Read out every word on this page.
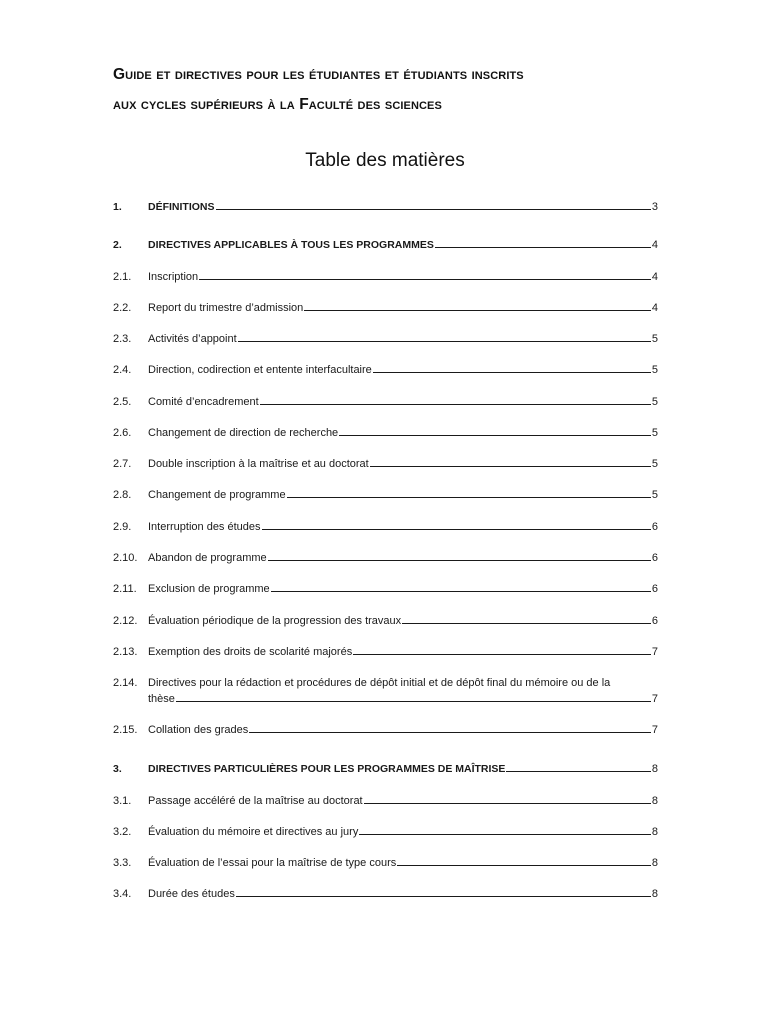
Guide et directives pour les étudiantes et étudiants inscrits
aux cycles supérieurs à la Faculté des sciences
Table des matières
1.	DÉFINITIONS	3
2.	DIRECTIVES APPLICABLES À TOUS LES PROGRAMMES	4
2.1.	Inscription	4
2.2.	Report du trimestre d’admission	4
2.3.	Activités d’appoint	5
2.4.	Direction, codirection et entente interfacultaire	5
2.5.	Comité d’encadrement	5
2.6.	Changement de direction de recherche	5
2.7.	Double inscription à la maîtrise et au doctorat	5
2.8.	Changement de programme	5
2.9.	Interruption des études	6
2.10. Abandon de programme	6
2.11.	Exclusion de programme	6
2.12. Évaluation périodique de la progression des travaux	6
2.13. Exemption des droits de scolarité majorés	7
2.14. Directives pour la rédaction et procédures de dépôt initial et de dépôt final du mémoire ou de la
thèse	7
2.15. Collation des grades	7
3.	DIRECTIVES PARTICULIÈRES POUR LES PROGRAMMES DE MAÎTRISE	8
3.1.	Passage accéléré de la maîtrise au doctorat	8
3.2.	Évaluation du mémoire et directives au jury	8
3.3.	Évaluation de l’essai pour la maîtrise de type cours	8
3.4.	Durée des études	8
